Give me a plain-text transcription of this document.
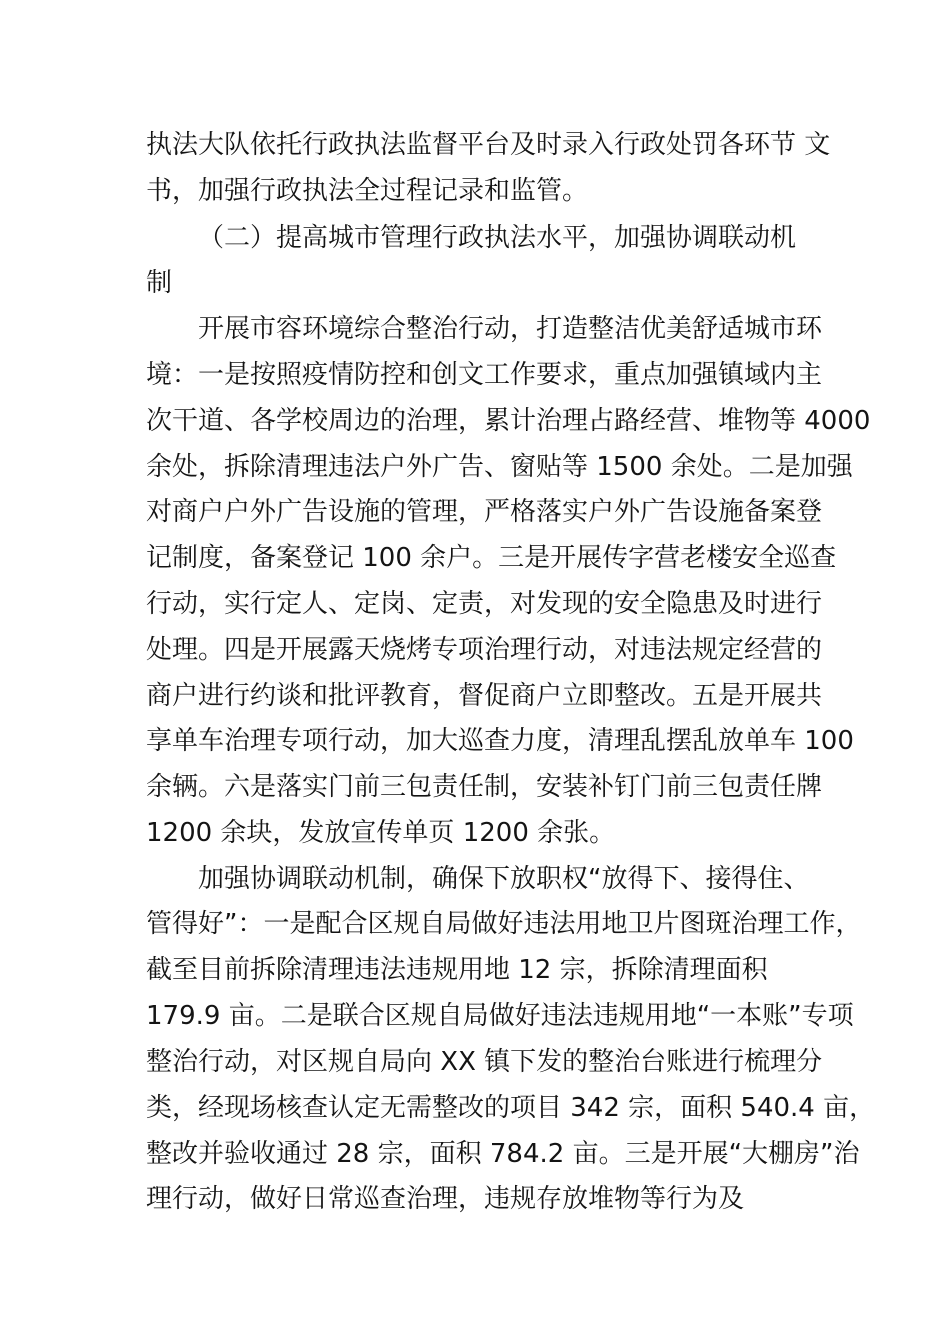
执法大队依托行政执法监督平台及时录入行政处罚各环节 文

书，加强行政执法全过程记录和监管。

（二）提高城市管理行政执法水平，加强协调联动机

制

开展市容环境综合整治行动，打造整洁优美舒适城市环

境：一是按照疫情防控和创文工作要求，重点加强镇域内主

次干道、各学校周边的治理，累计治理占路经营、堆物等 4000

余处，拆除清理违法户外广告、窗贴等 1500 余处。二是加强

对商户户外广告设施的管理，严格落实户外广告设施备案登

记制度，备案登记 100 余户。三是开展传字营老楼安全巡查

行动，实行定人、定岗、定责，对发现的安全隐患及时进行

处理。四是开展露天烧烤专项治理行动，对违法规定经营的

商户进行约谈和批评教育，督促商户立即整改。五是开展共

享单车治理专项行动，加大巡查力度，清理乱摆乱放单车 100

余辆。六是落实门前三包责任制，安装补钉门前三包责任牌

1200 余块，发放宣传单页 1200 余张。

加强协调联动机制，确保下放职权“放得下、接得住、

管得好”：一是配合区规自局做好违法用地卫片图斑治理工作，

截至目前拆除清理违法违规用地 12 宗，拆除清理面积

179.9 亩。二是联合区规自局做好违法违规用地“一本账”专项

整治行动，对区规自局向 XX 镇下发的整治台账进行梳理分

类，经现场核查认定无需整改的项目 342 宗，面积 540.4 亩，

整改并验收通过 28 宗，面积 784.2 亩。三是开展“大棚房”治

理行动，做好日常巡查治理，违规存放堆物等行为及
